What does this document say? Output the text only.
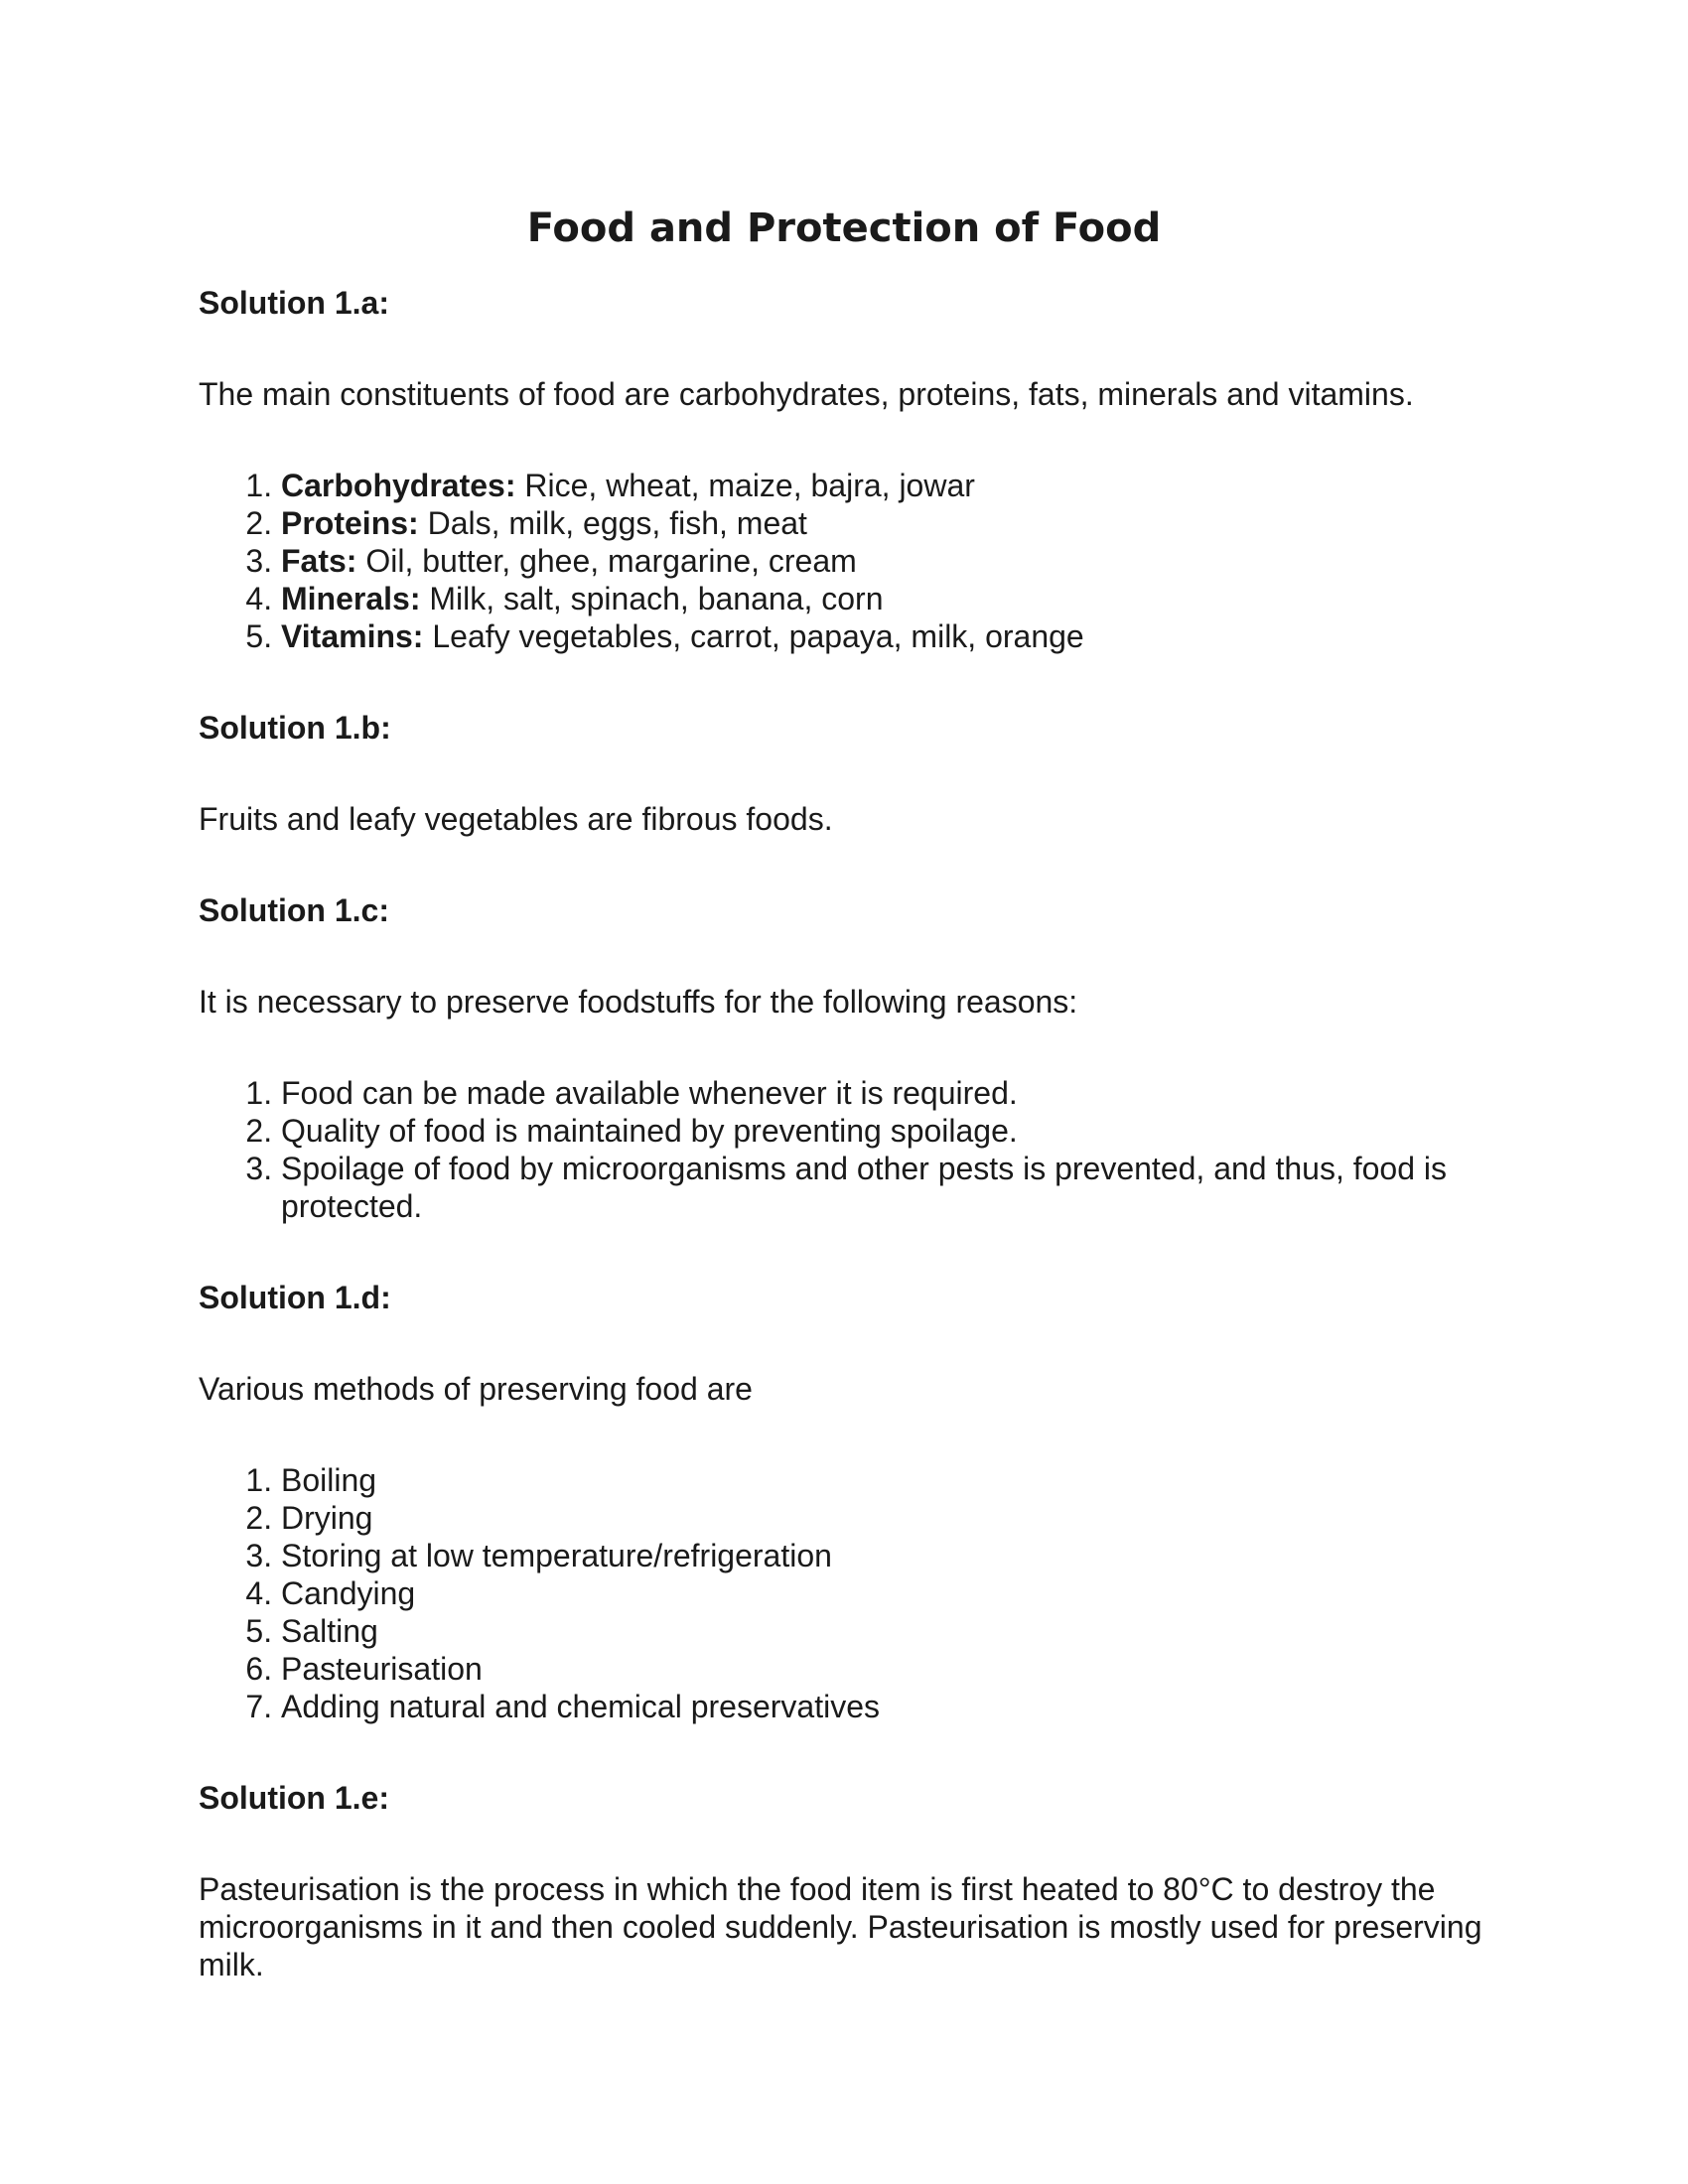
Food and Protection of Food

Solution 1.a:

The main constituents of food are carbohydrates, proteins, fats, minerals and vitamins.

1. Carbohydrates: Rice, wheat, maize, bajra, jowar
2. Proteins: Dals, milk, eggs, fish, meat
3. Fats: Oil, butter, ghee, margarine, cream
4. Minerals: Milk, salt, spinach, banana, corn
5. Vitamins: Leafy vegetables, carrot, papaya, milk, orange

Solution 1.b:

Fruits and leafy vegetables are fibrous foods.

Solution 1.c:

It is necessary to preserve foodstuffs for the following reasons:

1. Food can be made available whenever it is required.
2. Quality of food is maintained by preventing spoilage.
3. Spoilage of food by microorganisms and other pests is prevented, and thus, food is protected.

Solution 1.d:

Various methods of preserving food are

1. Boiling
2. Drying
3. Storing at low temperature/refrigeration
4. Candying
5. Salting
6. Pasteurisation
7. Adding natural and chemical preservatives

Solution 1.e:

Pasteurisation is the process in which the food item is first heated to 80°C to destroy the microorganisms in it and then cooled suddenly. Pasteurisation is mostly used for preserving milk.
